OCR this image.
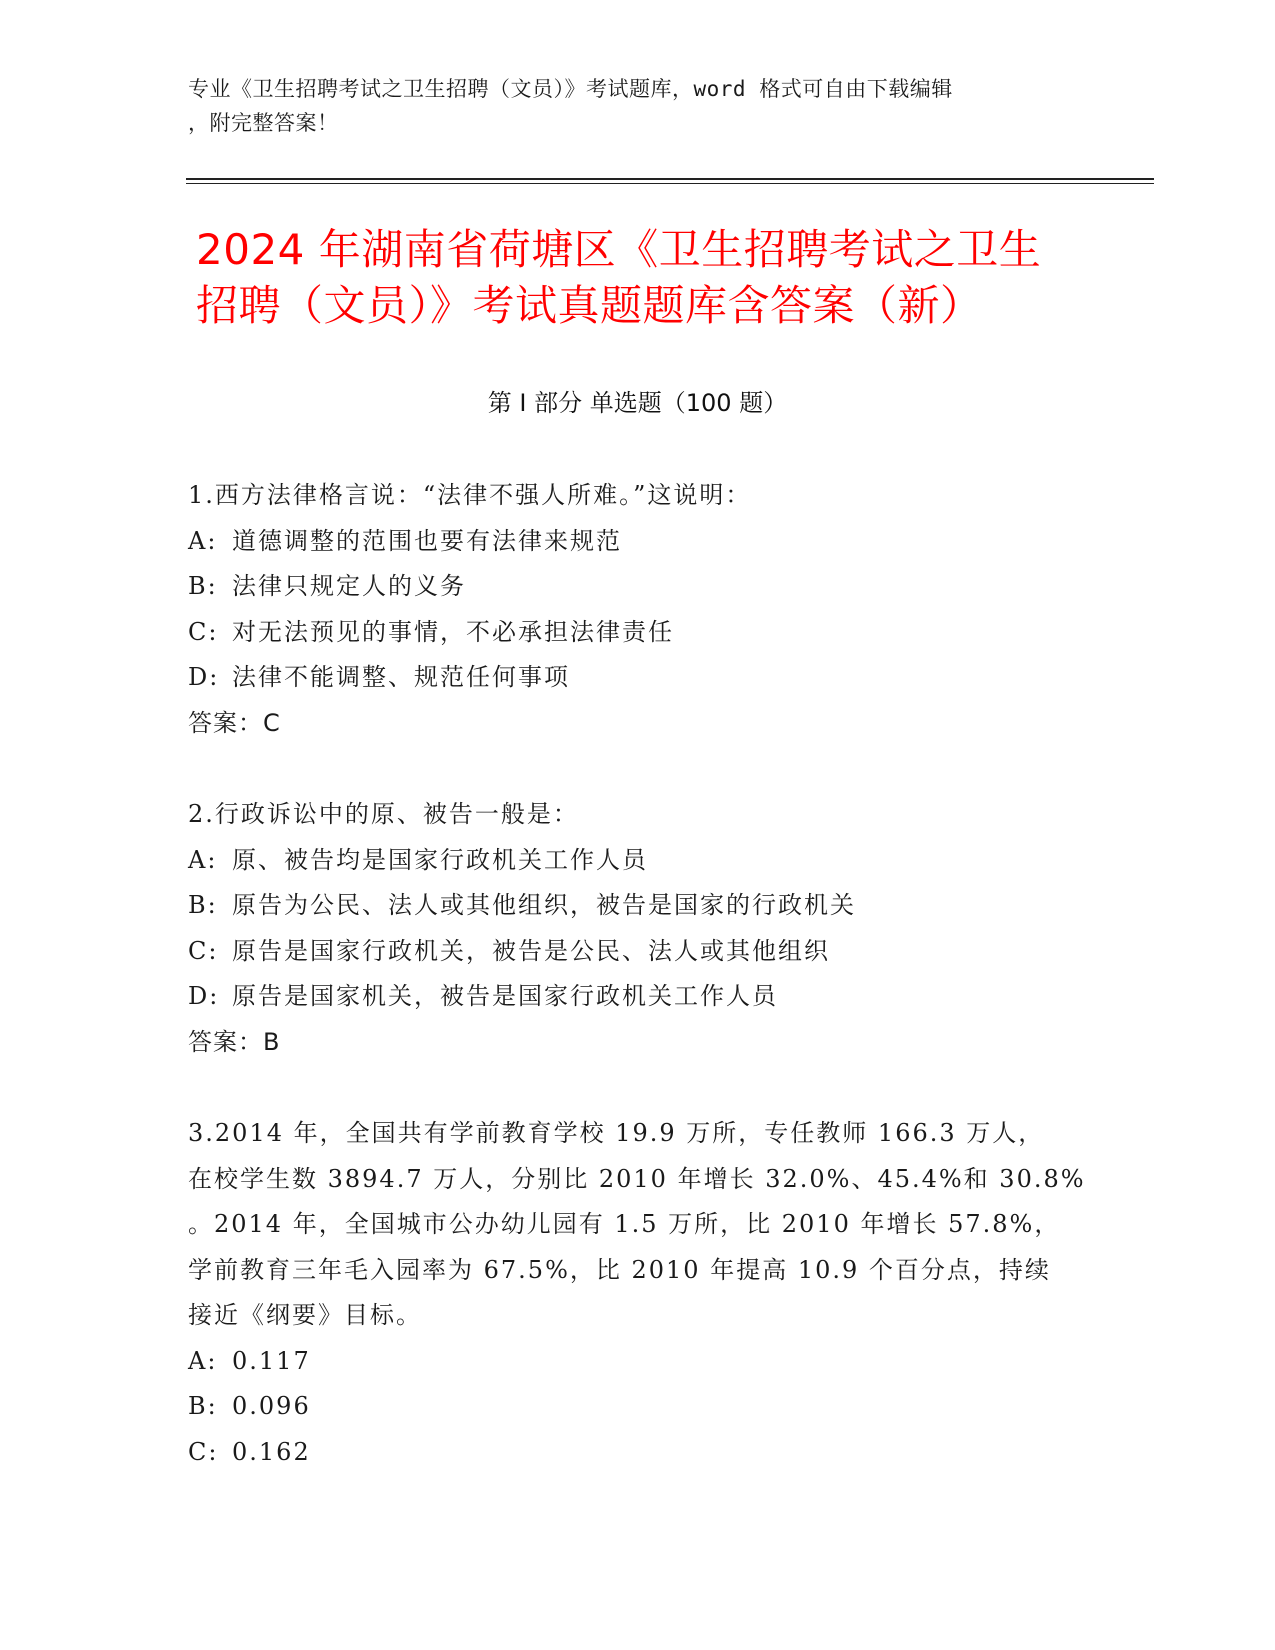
专业《卫生招聘考试之卫生招聘（文员）》考试题库，word 格式可自由下载编辑
，附完整答案！
2024 年湖南省荷塘区《卫生招聘考试之卫生
招聘（文员）》考试真题题库含答案（新）
第 I 部分 单选题（100 题）
1.西方法律格言说：“法律不强人所难。”这说明：
A: 道德调整的范围也要有法律来规范
B: 法律只规定人的义务
C: 对无法预见的事情，不必承担法律责任
D: 法律不能调整、规范任何事项
答案：C
2.行政诉讼中的原、被告一般是：
A: 原、被告均是国家行政机关工作人员
B: 原告为公民、法人或其他组织，被告是国家的行政机关
C: 原告是国家行政机关，被告是公民、法人或其他组织
D: 原告是国家机关，被告是国家行政机关工作人员
答案：B
3.2014 年，全国共有学前教育学校 19.9 万所，专任教师 166.3 万人，
在校学生数 3894.7 万人，分别比 2010 年增长 32.0%、45.4%和 30.8%
。2014 年，全国城市公办幼儿园有 1.5 万所，比 2010 年增长 57.8%，
学前教育三年毛入园率为 67.5%，比 2010 年提高 10.9 个百分点，持续
接近《纲要》目标。
A: 0.117
B: 0.096
C: 0.162
